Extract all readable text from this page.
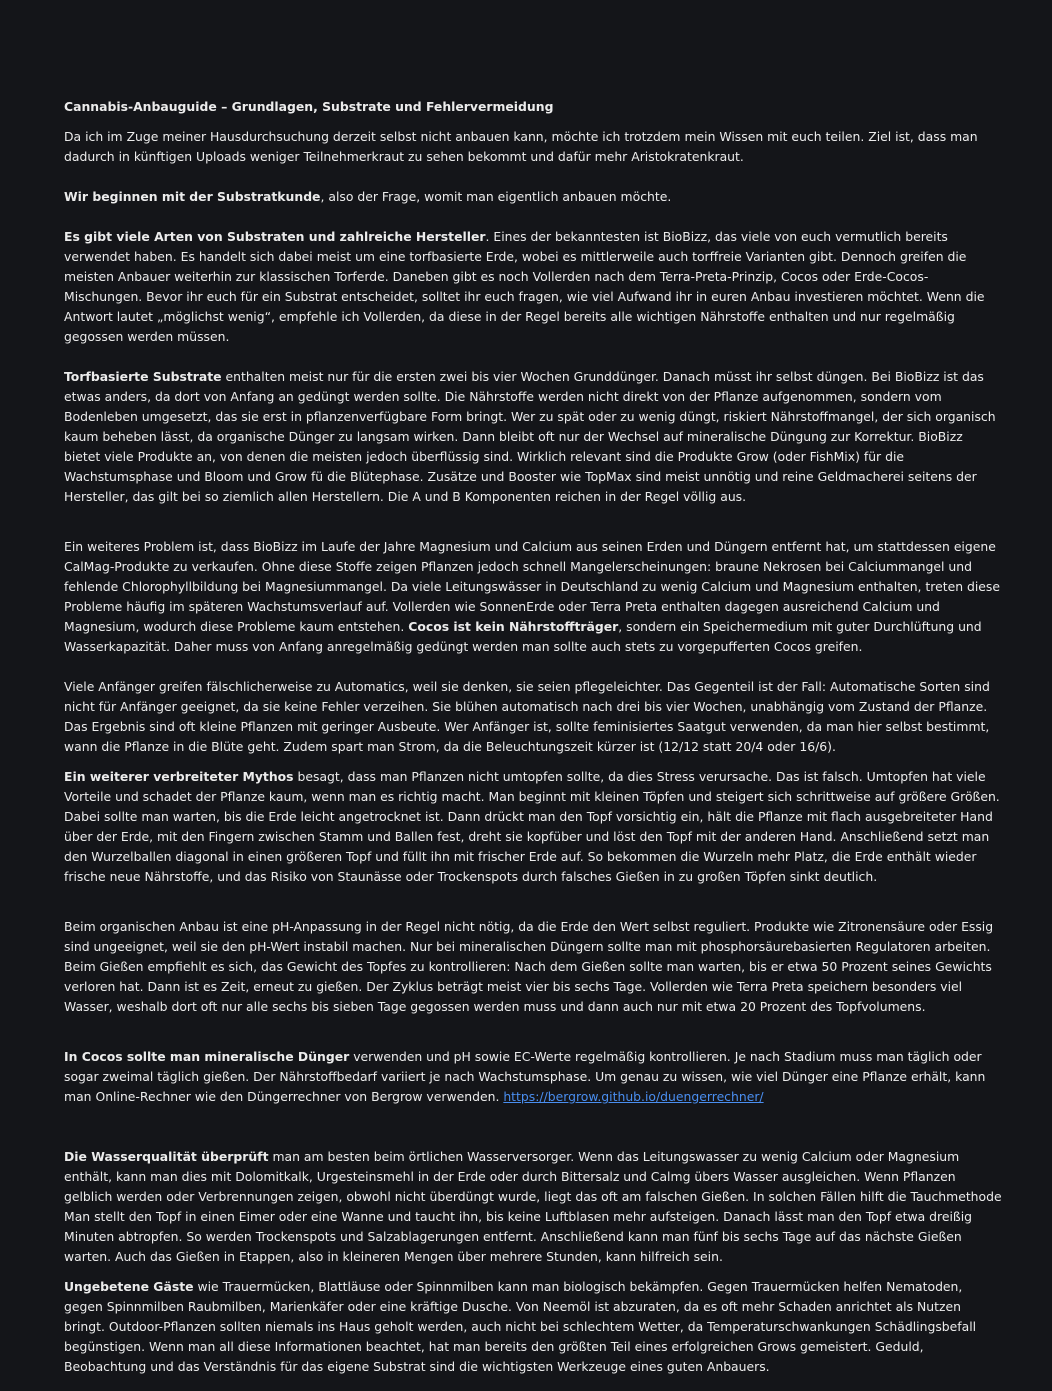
Cannabis-Anbauguide – Grundlagen, Substrate und Fehlervermeidung

Da ich im Zuge meiner Hausdurchsuchung derzeit selbst nicht anbauen kann, möchte ich trotzdem mein Wissen mit euch teilen. Ziel ist, dass man dadurch in künftigen Uploads weniger Teilnehmerkraut zu sehen bekommt und dafür mehr Aristokratenkraut.

Wir beginnen mit der Substratkunde, also der Frage, womit man eigentlich anbauen möchte.

Es gibt viele Arten von Substraten und zahlreiche Hersteller. Eines der bekanntesten ist BioBizz, das viele von euch vermutlich bereits verwendet haben. Es handelt sich dabei meist um eine torfbasierte Erde, wobei es mittlerweile auch torffreie Varianten gibt. Dennoch greifen die meisten Anbauer weiterhin zur klassischen Torferde. Daneben gibt es noch Vollerden nach dem Terra-Preta-Prinzip, Cocos oder Erde-Cocos-Mischungen. Bevor ihr euch für ein Substrat entscheidet, solltet ihr euch fragen, wie viel Aufwand ihr in euren Anbau investieren möchtet. Wenn die Antwort lautet „möglichst wenig“, empfehle ich Vollerden, da diese in der Regel bereits alle wichtigen Nährstoffe enthalten und nur regelmäßig gegossen werden müssen.

Torfbasierte Substrate enthalten meist nur für die ersten zwei bis vier Wochen Grunddünger. Danach müsst ihr selbst düngen. Bei BioBizz ist das etwas anders, da dort von Anfang an gedüngt werden sollte. Die Nährstoffe werden nicht direkt von der Pflanze aufgenommen, sondern vom Bodenleben umgesetzt, das sie erst in pflanzenverfügbare Form bringt. Wer zu spät oder zu wenig düngt, riskiert Nährstoffmangel, der sich organisch kaum beheben lässt, da organische Dünger zu langsam wirken. Dann bleibt oft nur der Wechsel auf mineralische Düngung zur Korrektur. BioBizz bietet viele Produkte an, von denen die meisten jedoch überflüssig sind. Wirklich relevant sind die Produkte Grow (oder FishMix) für die Wachstumsphase und Bloom und Grow fü die Blütephase. Zusätze und Booster wie TopMax sind meist unnötig und reine Geldmacherei seitens der Hersteller, das gilt bei so ziemlich allen Herstellern. Die A und B Komponenten reichen in der Regel völlig aus.

Ein weiteres Problem ist, dass BioBizz im Laufe der Jahre Magnesium und Calcium aus seinen Erden und Düngern entfernt hat, um stattdessen eigene CalMag-Produkte zu verkaufen. Ohne diese Stoffe zeigen Pflanzen jedoch schnell Mangelerscheinungen: braune Nekrosen bei Calciummangel und fehlende Chlorophyllbildung bei Magnesiummangel. Da viele Leitungswässer in Deutschland zu wenig Calcium und Magnesium enthalten, treten diese Probleme häufig im späteren Wachstumsverlauf auf. Vollerden wie SonnenErde oder Terra Preta enthalten dagegen ausreichend Calcium und Magnesium, wodurch diese Probleme kaum entstehen. Cocos ist kein Nährstoffträger, sondern ein Speichermedium mit guter Durchlüftung und Wasserkapazität. Daher muss von Anfang anregelmäßig gedüngt werden man sollte auch stets zu vorgepufferten Cocos greifen.

Viele Anfänger greifen fälschlicherweise zu Automatics, weil sie denken, sie seien pflegeleichter. Das Gegenteil ist der Fall: Automatische Sorten sind nicht für Anfänger geeignet, da sie keine Fehler verzeihen. Sie blühen automatisch nach drei bis vier Wochen, unabhängig vom Zustand der Pflanze. Das Ergebnis sind oft kleine Pflanzen mit geringer Ausbeute. Wer Anfänger ist, sollte feminisiertes Saatgut verwenden, da man hier selbst bestimmt, wann die Pflanze in die Blüte geht. Zudem spart man Strom, da die Beleuchtungszeit kürzer ist (12/12 statt 20/4 oder 16/6).

Ein weiterer verbreiteter Mythos besagt, dass man Pflanzen nicht umtopfen sollte, da dies Stress verursache. Das ist falsch. Umtopfen hat viele Vorteile und schadet der Pflanze kaum, wenn man es richtig macht. Man beginnt mit kleinen Töpfen und steigert sich schrittweise auf größere Größen. Dabei sollte man warten, bis die Erde leicht angetrocknet ist. Dann drückt man den Topf vorsichtig ein, hält die Pflanze mit flach ausgebreiteter Hand über der Erde, mit den Fingern zwischen Stamm und Ballen fest, dreht sie kopfüber und löst den Topf mit der anderen Hand. Anschließend setzt man den Wurzelballen diagonal in einen größeren Topf und füllt ihn mit frischer Erde auf. So bekommen die Wurzeln mehr Platz, die Erde enthält wieder frische neue Nährstoffe, und das Risiko von Staunässe oder Trockenspots durch falsches Gießen in zu großen Töpfen sinkt deutlich.

Beim organischen Anbau ist eine pH-Anpassung in der Regel nicht nötig, da die Erde den Wert selbst reguliert. Produkte wie Zitronensäure oder Essig sind ungeeignet, weil sie den pH-Wert instabil machen. Nur bei mineralischen Düngern sollte man mit phosphorsäurebasierten Regulatoren arbeiten. Beim Gießen empfiehlt es sich, das Gewicht des Topfes zu kontrollieren: Nach dem Gießen sollte man warten, bis er etwa 50 Prozent seines Gewichts verloren hat. Dann ist es Zeit, erneut zu gießen. Der Zyklus beträgt meist vier bis sechs Tage. Vollerden wie Terra Preta speichern besonders viel Wasser, weshalb dort oft nur alle sechs bis sieben Tage gegossen werden muss und dann auch nur mit etwa 20 Prozent des Topfvolumens.

In Cocos sollte man mineralische Dünger verwenden und pH sowie EC-Werte regelmäßig kontrollieren. Je nach Stadium muss man täglich oder sogar zweimal täglich gießen. Der Nährstoffbedarf variiert je nach Wachstumsphase. Um genau zu wissen, wie viel Dünger eine Pflanze erhält, kann man Online-Rechner wie den Düngerrechner von Bergrow verwenden. https://bergrow.github.io/duengerrechner/

Die Wasserqualität überprüft man am besten beim örtlichen Wasserversorger. Wenn das Leitungswasser zu wenig Calcium oder Magnesium enthält, kann man dies mit Dolomitkalk, Urgesteinsmehl in der Erde oder durch Bittersalz und Calmg übers Wasser ausgleichen. Wenn Pflanzen gelblich werden oder Verbrennungen zeigen, obwohl nicht überdüngt wurde, liegt das oft am falschen Gießen. In solchen Fällen hilft die Tauchmethode Man stellt den Topf in einen Eimer oder eine Wanne und taucht ihn, bis keine Luftblasen mehr aufsteigen. Danach lässt man den Topf etwa dreißig Minuten abtropfen. So werden Trockenspots und Salzablagerungen entfernt. Anschließend kann man fünf bis sechs Tage auf das nächste Gießen warten. Auch das Gießen in Etappen, also in kleineren Mengen über mehrere Stunden, kann hilfreich sein.

Ungebetene Gäste wie Trauermücken, Blattläuse oder Spinnmilben kann man biologisch bekämpfen. Gegen Trauermücken helfen Nematoden, gegen Spinnmilben Raubmilben, Marienkäfer oder eine kräftige Dusche. Von Neemöl ist abzuraten, da es oft mehr Schaden anrichtet als Nutzen bringt. Outdoor-Pflanzen sollten niemals ins Haus geholt werden, auch nicht bei schlechtem Wetter, da Temperaturschwankungen Schädlingsbefall begünstigen. Wenn man all diese Informationen beachtet, hat man bereits den größten Teil eines erfolgreichen Grows gemeistert. Geduld, Beobachtung und das Verständnis für das eigene Substrat sind die wichtigsten Werkzeuge eines guten Anbauers.
